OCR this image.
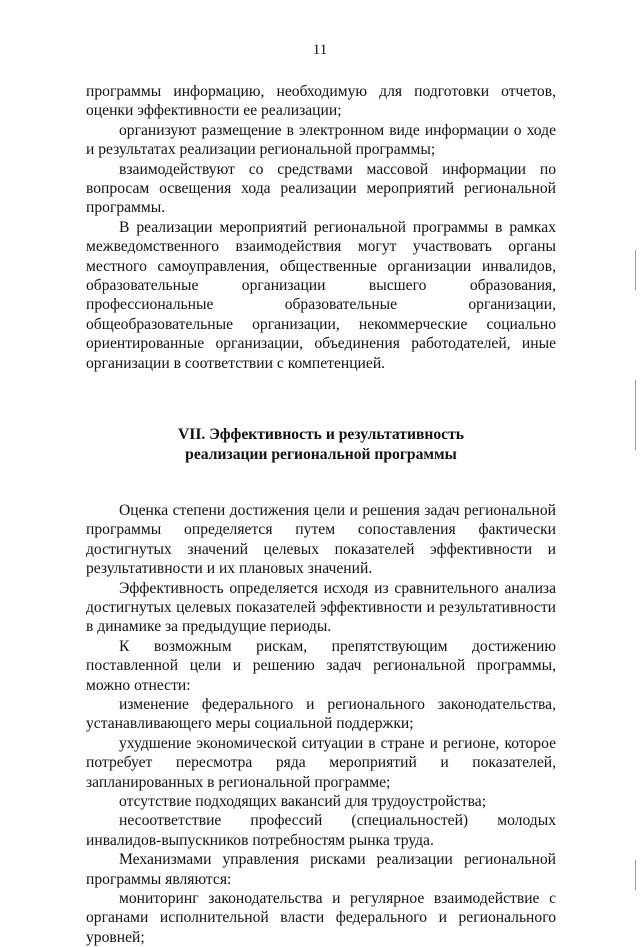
11

программы информацию, необходимую для подготовки отчетов, оценки эффективности ее реализации;

организуют размещение в электронном виде информации о ходе и результатах реализации региональной программы;

взаимодействуют со средствами массовой информации по вопросам освещения хода реализации мероприятий региональной программы.

В реализации мероприятий региональной программы в рамках межведомственного взаимодействия могут участвовать органы местного самоуправления, общественные организации инвалидов, образовательные организации высшего образования, профессиональные образовательные организации, общеобразовательные организации, некоммерческие социально ориентированные организации, объединения работодателей, иные организации в соответствии с компетенцией.

VII. Эффективность и результативность
реализации региональной программы

Оценка степени достижения цели и решения задач региональной программы определяется путем сопоставления фактически достигнутых значений целевых показателей эффективности и результативности и их плановых значений.

Эффективность определяется исходя из сравнительного анализа достигнутых целевых показателей эффективности и результативности в динамике за предыдущие периоды.

К возможным рискам, препятствующим достижению поставленной цели и решению задач региональной программы, можно отнести:

изменение федерального и регионального законодательства, устанавливающего меры социальной поддержки;

ухудшение экономической ситуации в стране и регионе, которое потребует пересмотра ряда мероприятий и показателей, запланированных в региональной программе;

отсутствие подходящих вакансий для трудоустройства;

несоответствие профессий (специальностей) молодых инвалидов-выпускников потребностям рынка труда.

Механизмами управления рисками реализации региональной программы являются:

мониторинг законодательства и регулярное взаимодействие с органами исполнительной власти федерального и регионального уровней;
